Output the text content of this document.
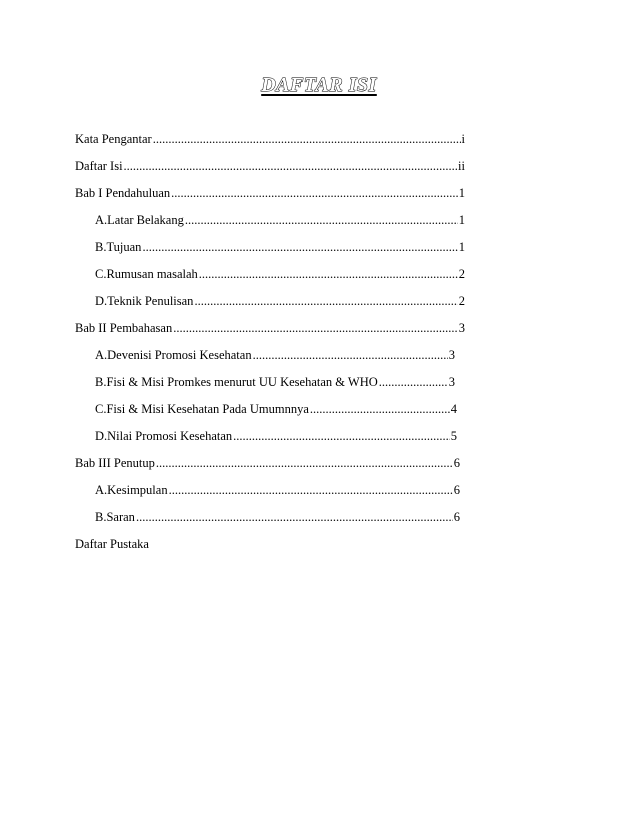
DAFTAR ISI
Kata Pengantar .....	i
Daftar Isi .....	ii
Bab I Pendahuluan .....	1
A. Latar Belakang .....	1
B. Tujuan .....	1
C. Rumusan masalah .....	2
D. Teknik Penulisan .....	2
Bab II Pembahasan .....	3
A. Devenisi Promosi Kesehatan .....	3
B. Fisi & Misi Promkes menurut UU Kesehatan & WHO .....	3
C. Fisi & Misi Kesehatan Pada Umumnnya .....	4
D. Nilai Promosi Kesehatan .....	5
Bab III Penutup .....	6
A. Kesimpulan .....	6
B. Saran .....	6
Daftar Pustaka
